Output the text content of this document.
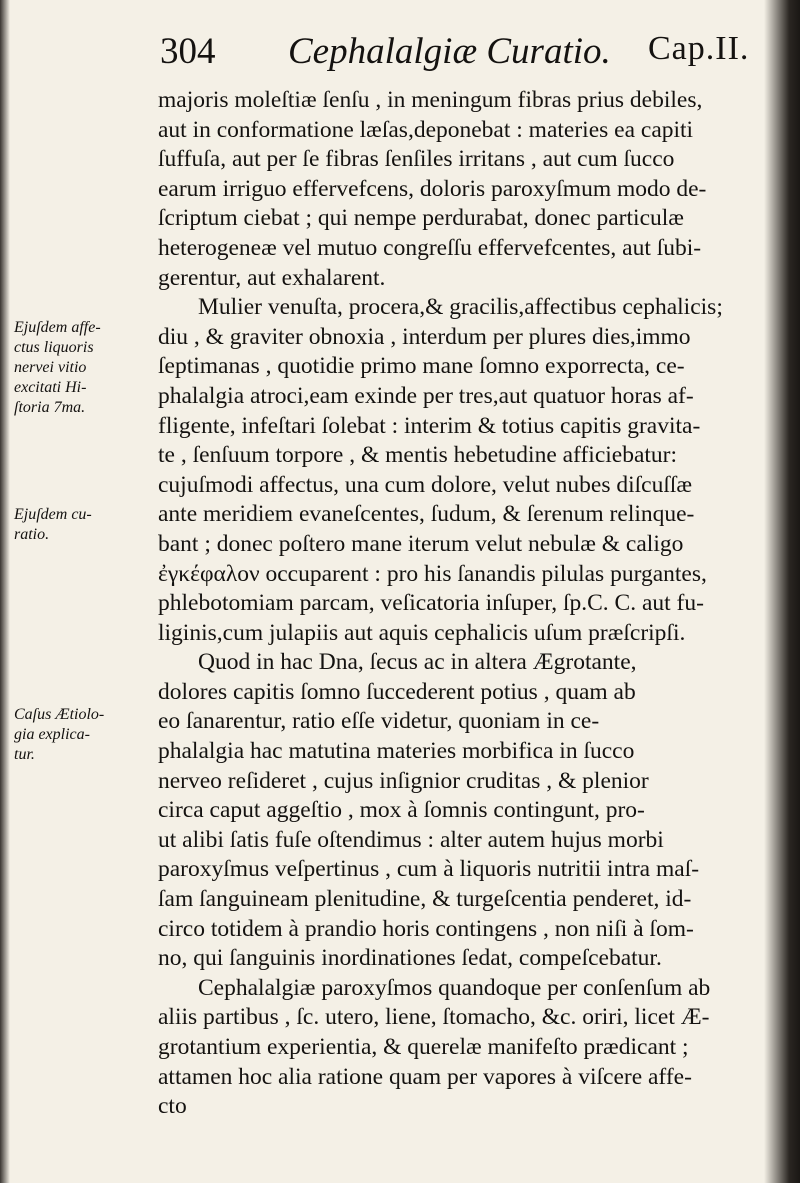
304 Cephalalgiæ Curatio. Cap.II.
Ejuſdem affe-
ctus liquoris
nervei vitio
excitati Hi-
ſtoria 7ma.
Ejuſdem cu-
ratio.
Caſus Ætiolo-
gia explica-
tur.
majoris moleſtiæ ſenſu , in meningum fibras prius debiles,
aut in conformatione læſas,deponebat : materies ea capiti
ſuffuſa, aut per ſe fibras ſenſiles irritans , aut cum ſucco
earum irriguo effervefcens, doloris paroxyſmum modo de-
ſcriptum ciebat ; qui nempe perdurabat, donec particulæ
heterogeneæ vel mutuo congreſſu effervefcentes, aut ſubi-
gerentur, aut exhalarent.
Mulier venuſta, procera,& gracilis,affectibus cephalicis;
diu , & graviter obnoxia , interdum per plures dies,immo
ſeptimanas , quotidie primo mane ſomno exporrecta, ce-
phalalgia atroci,eam exinde per tres,aut quatuor horas af-
fligente, infeſtari ſolebat : interim & totius capitis gravita-
te , ſenſuum torpore , & mentis hebetudine afficiebatur:
cujuſmodi affectus, una cum dolore, velut nubes diſcuſſæ
ante meridiem evaneſcentes, ſudum, & ſerenum relinque-
bant ; donec poſtero mane iterum velut nebulæ & caligo
ἐγκέφαλον occuparent : pro his ſanandis pilulas purgantes,
phlebotomiam parcam, veſicatoria inſuper, ſp.C. C. aut fu-
liginis,cum julapiis aut aquis cephalicis uſum præſcripſi.
Quod in hac Dna, ſecus ac in altera Ægrotante,
dolores capitis ſomno ſuccederent potius , quam ab
eo ſanarentur, ratio eſſe videtur, quoniam in ce-
phalalgia hac matutina materies morbifica in ſucco
nerveo reſideret , cujus inſignior cruditas , & plenior
circa caput aggeſtio , mox à ſomnis contingunt, pro-
ut alibi ſatis fuſe oſtendimus : alter autem hujus morbi
paroxyſmus veſpertinus , cum à liquoris nutritii intra maſ-
ſam ſanguineam plenitudine, & turgeſcentia penderet, id-
circo totidem à prandio horis contingens , non niſi à ſom-
no, qui ſanguinis inordinationes ſedat, compeſcebatur.
Cephalalgiæ paroxyſmos quandoque per conſenſum ab
aliis partibus , ſc. utero, liene, ſtomacho, &c. oriri, licet Æ-
grotantium experientia, & querelæ manifeſto prædicant ;
attamen hoc alia ratione quam per vapores à viſcere affe-
cto
